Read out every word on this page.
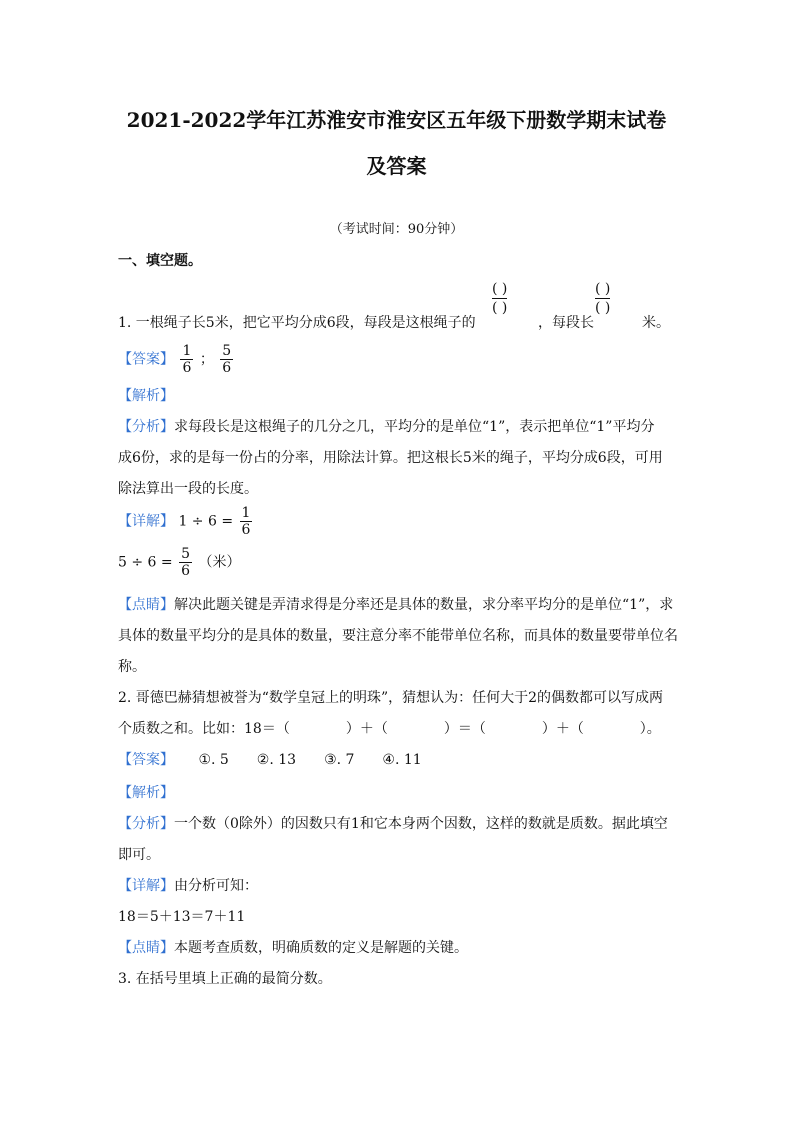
2021-2022学年江苏淮安市淮安区五年级下册数学期末试卷
及答案
（考试时间：90分钟）
一、填空题。
1. 一根绳子长5米，把它平均分成6段，每段是这根绳子的
( )
( )
，每段长
( )
( )
米。
【答案】 $\frac{1}{6}$ ； $\frac{5}{6}$
【解析】
【分析】求每段长是这根绳子的几分之几，平均分的是单位“1”，表示把单位“1”平均分
成6份，求的是每一份占的分率，用除法计算。把这根长5米的绳子，平均分成6段，可用
除法算出一段的长度。
【详解】 $1 \div 6 = \frac{1}{6}$
$5 \div 6 = \frac{5}{6}$ （米）
【点睛】解决此题关键是弄清求得是分率还是具体的数量，求分率平均分的是单位“1”，求
具体的数量平均分的是具体的数量，要注意分率不能带单位名称，而具体的数量要带单位名
称。
2. 哥德巴赫猜想被誉为“数学皇冠上的明珠”，猜想认为：任何大于2的偶数都可以写成两
个质数之和。比如：18＝（　　　　）＋（　　　　）＝（　　　　）＋（　　　　）。
【答案】 ①. 5　　②. 13　　③. 7　　④. 11
【解析】
【分析】一个数（0除外）的因数只有1和它本身两个因数，这样的数就是质数。据此填空
即可。
【详解】由分析可知：
18＝5＋13＝7＋11
【点睛】本题考查质数，明确质数的定义是解题的关键。
3. 在括号里填上正确的最简分数。
